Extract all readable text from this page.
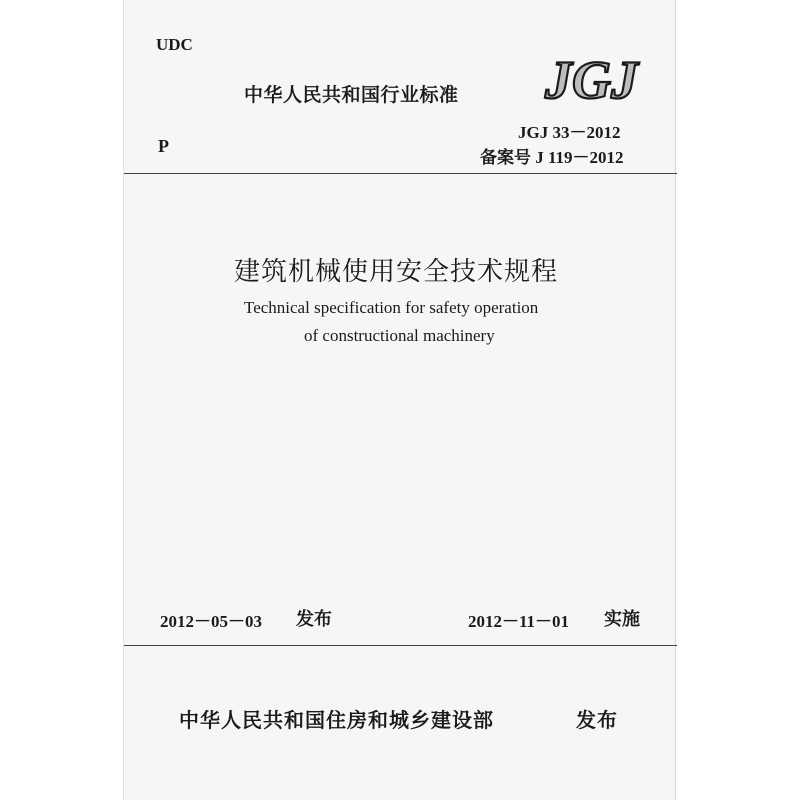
UDC
中华人民共和国行业标准 JGJ
JGJ 33－2012
P
备案号 J 119－2012
建筑机械使用安全技术规程
Technical specification for safety operation
of constructional machinery
2012－05－03 发布	2012－11－01 实施
中华人民共和国住房和城乡建设部	发布
